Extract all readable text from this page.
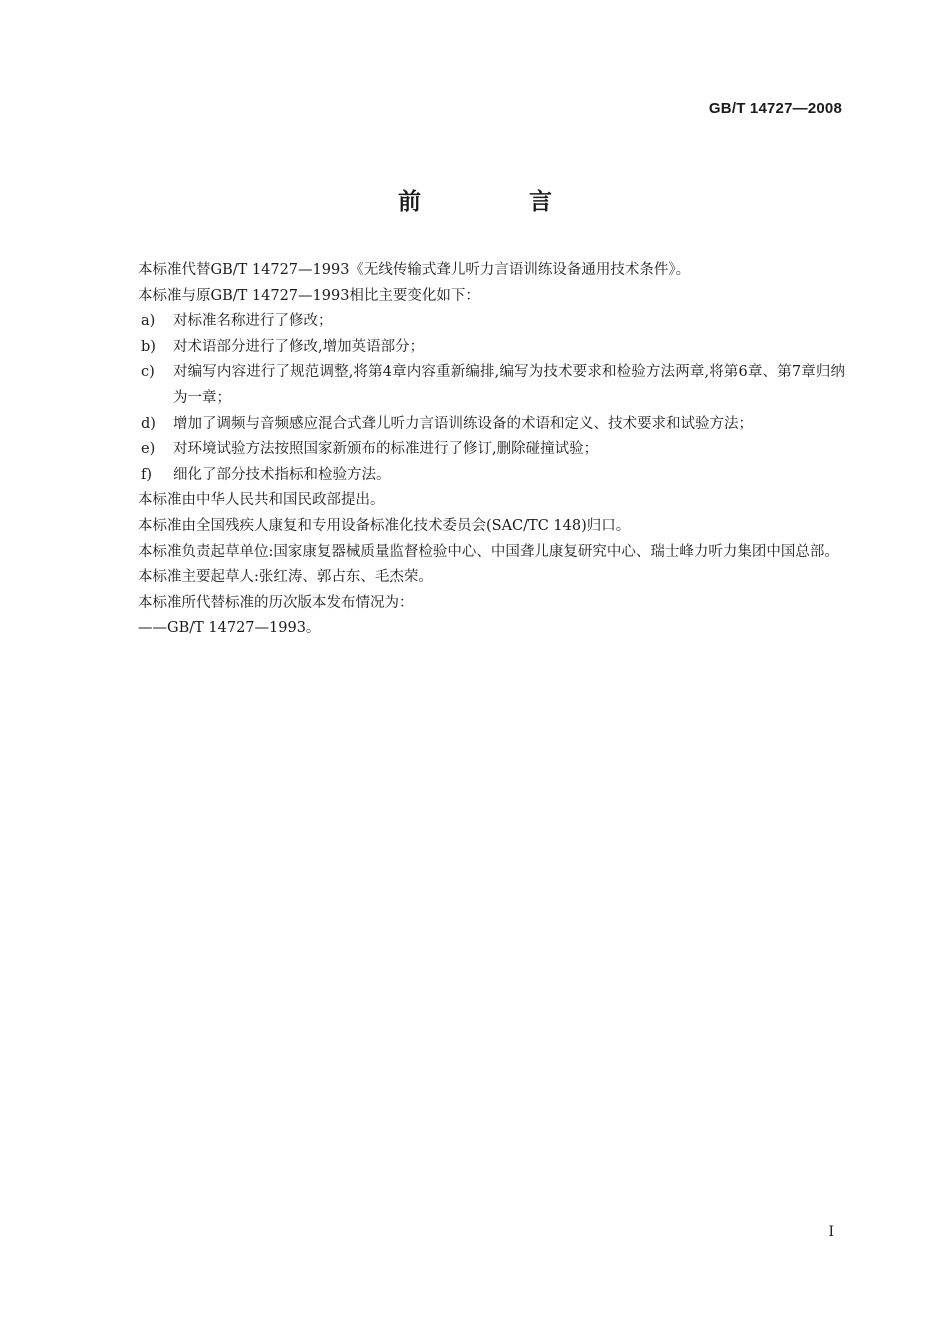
GB/T 14727—2008
前 言

本标准代替GB/T 14727—1993《无线传输式聋儿听力言语训练设备通用技术条件》。

本标准与原GB/T 14727—1993相比主要变化如下：

a) 对标准名称进行了修改；
b) 对术语部分进行了修改,增加英语部分；
c) 对编写内容进行了规范调整,将第4章内容重新编排,编写为技术要求和检验方法两章,将第6章、第7章归纳为一章；
d) 增加了调频与音频感应混合式聋儿听力言语训练设备的术语和定义、技术要求和试验方法；
e) 对环境试验方法按照国家新颁布的标准进行了修订,删除碰撞试验；
f) 细化了部分技术指标和检验方法。

本标准由中华人民共和国民政部提出。

本标准由全国残疾人康复和专用设备标准化技术委员会(SAC/TC 148)归口。

本标准负责起草单位:国家康复器械质量监督检验中心、中国聋儿康复研究中心、瑞士峰力听力集团中国总部。

本标准主要起草人:张红涛、郭占东、毛杰荣。

本标准所代替标准的历次版本发布情况为：

——GB/T 14727—1993。

I
